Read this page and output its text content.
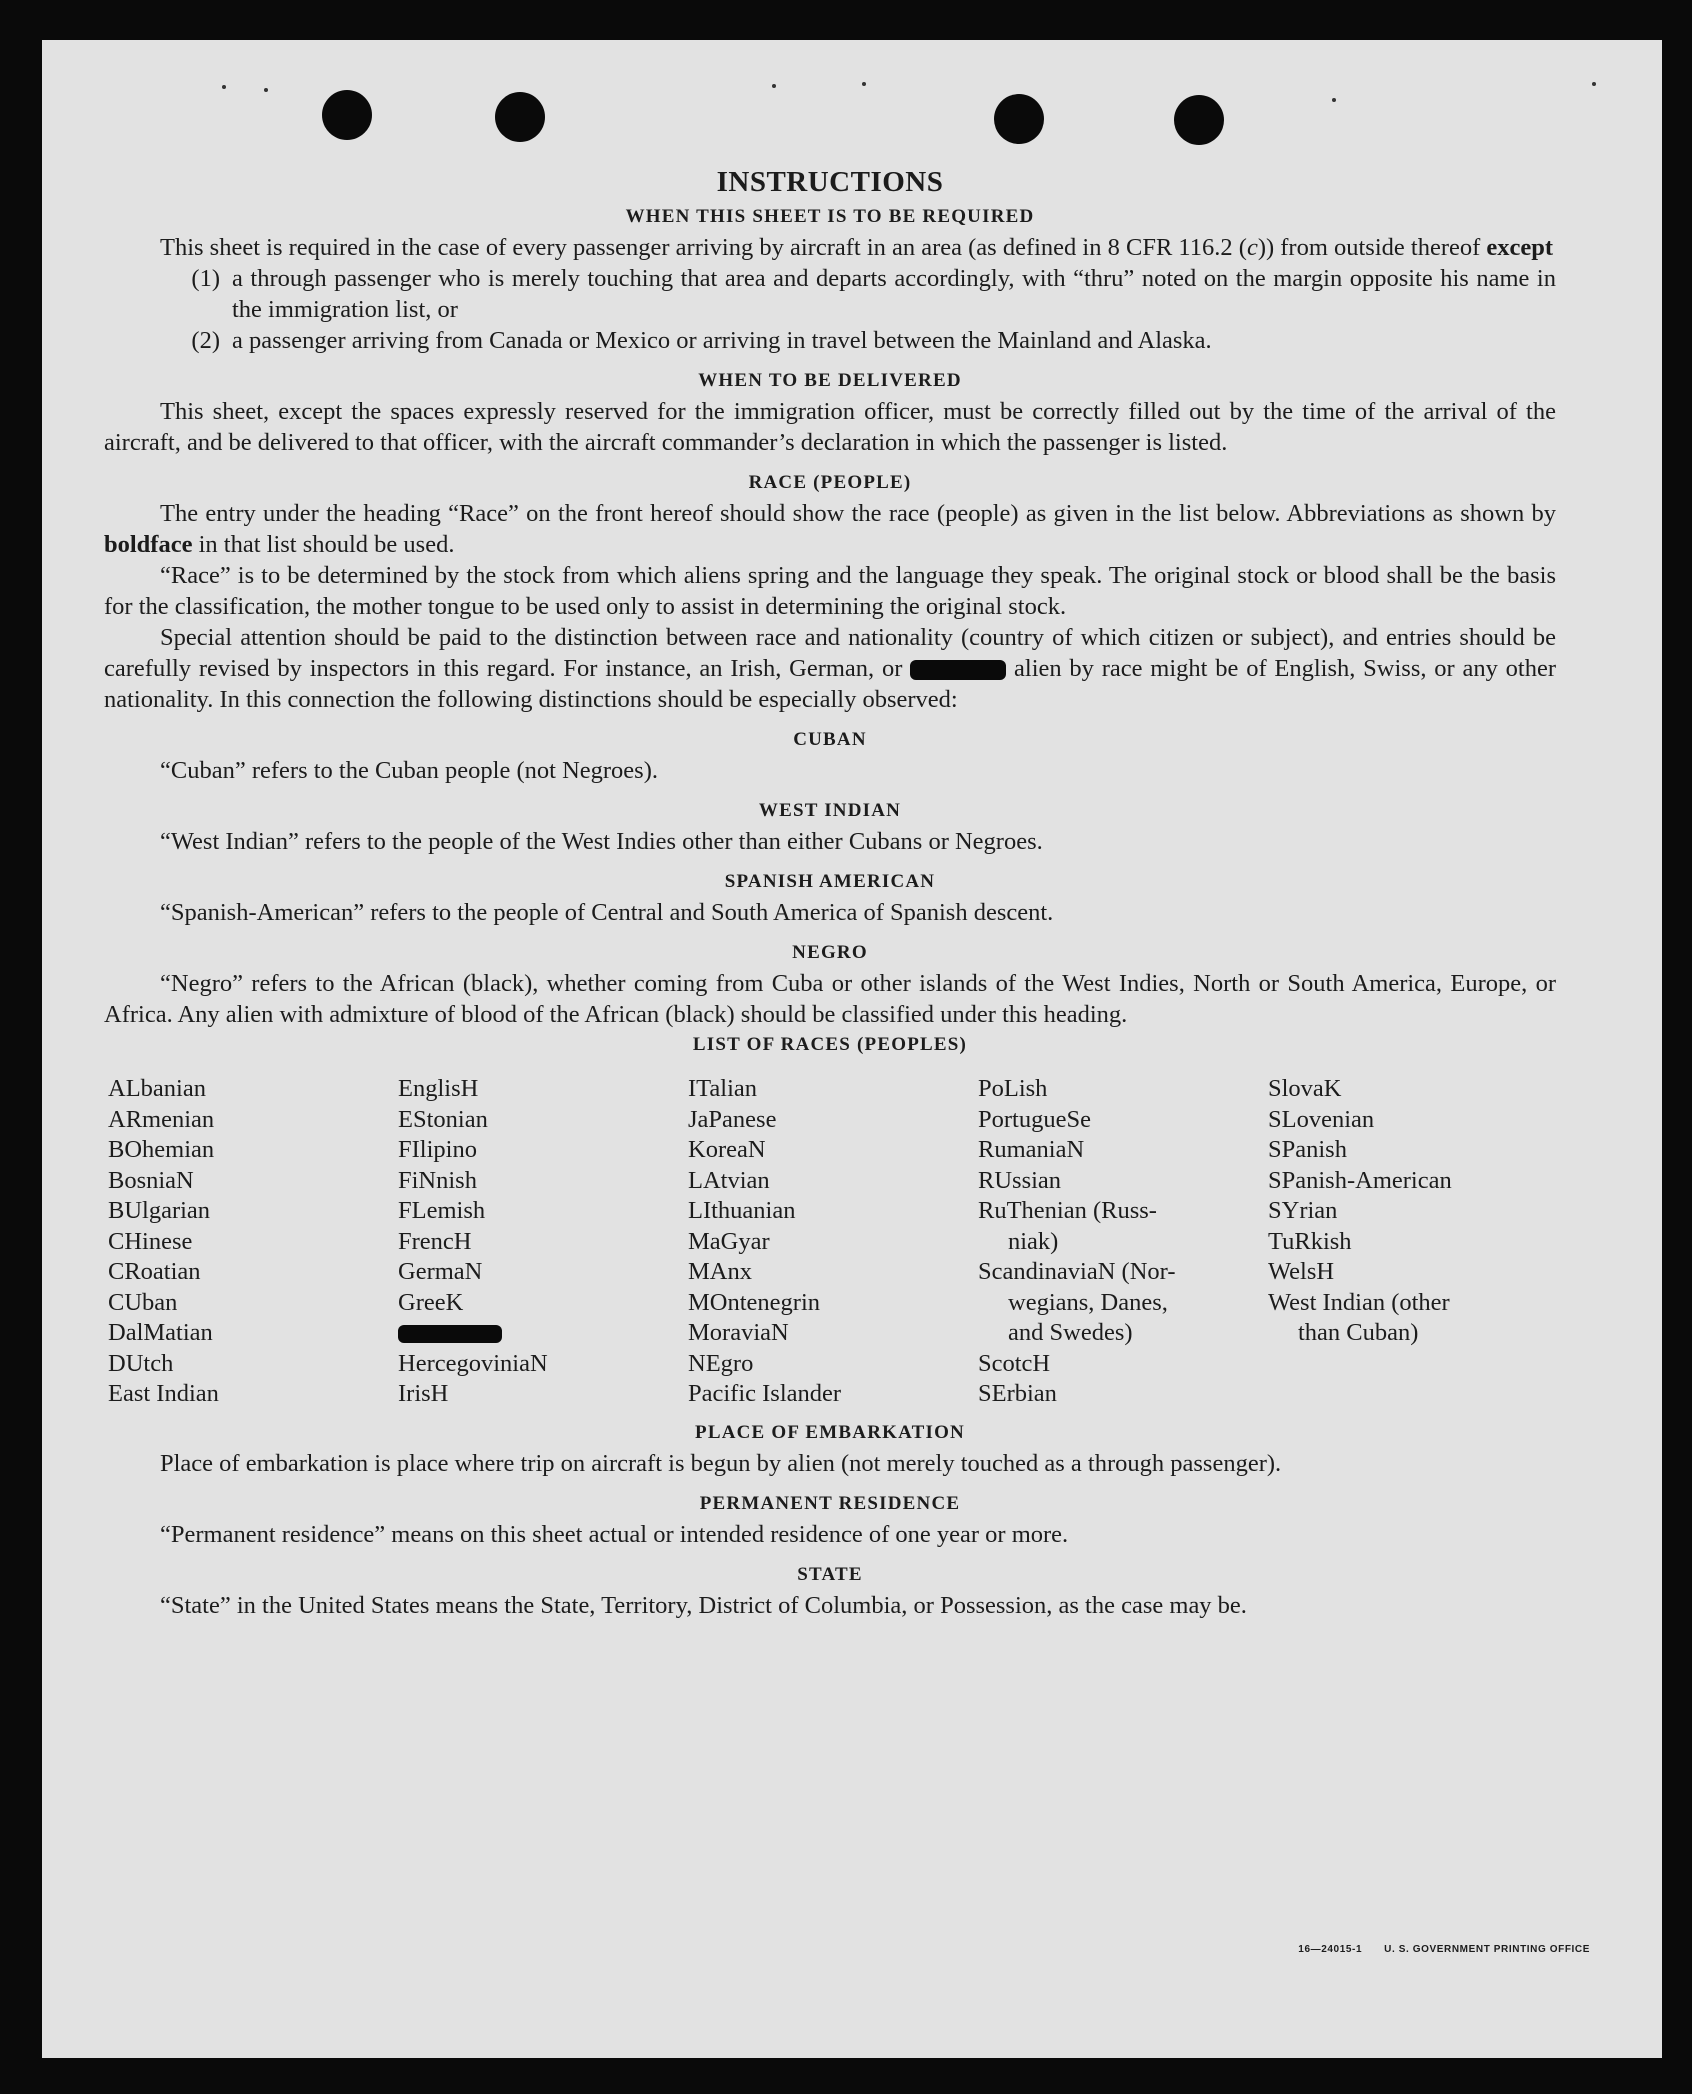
INSTRUCTIONS
WHEN THIS SHEET IS TO BE REQUIRED

This sheet is required in the case of every passenger arriving by aircraft in an area (as defined in 8 CFR 116.2 (c)) from outside thereof except

(1) a through passenger who is merely touching that area and departs accordingly, with “thru” noted on the margin opposite his name in the immigration list, or
(2) a passenger arriving from Canada or Mexico or arriving in travel between the Mainland and Alaska.
WHEN TO BE DELIVERED

This sheet, except the spaces expressly reserved for the immigration officer, must be correctly filled out by the time of the arrival of the aircraft, and be delivered to that officer, with the aircraft commander’s declaration in which the passenger is listed.

RACE (PEOPLE)

The entry under the heading “Race” on the front hereof should show the race (people) as given in the list below. Abbreviations as shown by boldface in that list should be used.

“Race” is to be determined by the stock from which aliens spring and the language they speak. The original stock or blood shall be the basis for the classification, the mother tongue to be used only to assist in determining the original stock.

Special attention should be paid to the distinction between race and nationality (country of which citizen or subject), and entries should be carefully revised by inspectors in this regard. For instance, an Irish, German, or	alien by race might be of English, Swiss, or any other nationality. In this connection the following distinctions should be especially observed:

CUBAN

“Cuban” refers to the Cuban people (not Negroes).

WEST INDIAN

“West Indian” refers to the people of the West Indies other than either Cubans or Negroes.

SPANISH AMERICAN

“Spanish-American” refers to the people of Central and South America of Spanish descent.

NEGRO

“Negro” refers to the African (black), whether coming from Cuba or other islands of the West Indies, North or South America, Europe, or Africa. Any alien with admixture of blood of the African (black) should be classified under this heading.

LIST OF RACES (PEOPLES)
ALbanian
ARmenian
BOhemian
BosniaN
BUlgarian
CHinese
CRoatian
CUban
DalMatian
DUtch
East Indian
EnglisH
EStonian
FIlipino
FiNnish
FLemish
FrencH
GermaN
GreeK
HercegoviniaN
IrisH
ITalian
JaPanese
KoreaN
LAtvian
LIthuanian
MaGyar
MAnx
MOntenegrin
MoraviaN
NEgro
Pacific Islander
PoLish
PortugueSe
RumaniaN
RUssian
RuThenian (Russ-
niak)
ScandinaviaN (Nor-
wegians, Danes,
and Swedes)
ScotcH
SErbian
SlovaK
SLovenian
SPanish
SPanish-American
SYrian
TuRkish
WelsH
West Indian (other
than Cuban)
PLACE OF EMBARKATION

Place of embarkation is place where trip on aircraft is begun by alien (not merely touched as a through passenger).

PERMANENT RESIDENCE

“Permanent residence” means on this sheet actual or intended residence of one year or more.

STATE

“State” in the United States means the State, Territory, District of Columbia, or Possession, as the case may be.

16—24015-1 U. S. GOVERNMENT PRINTING OFFICE
